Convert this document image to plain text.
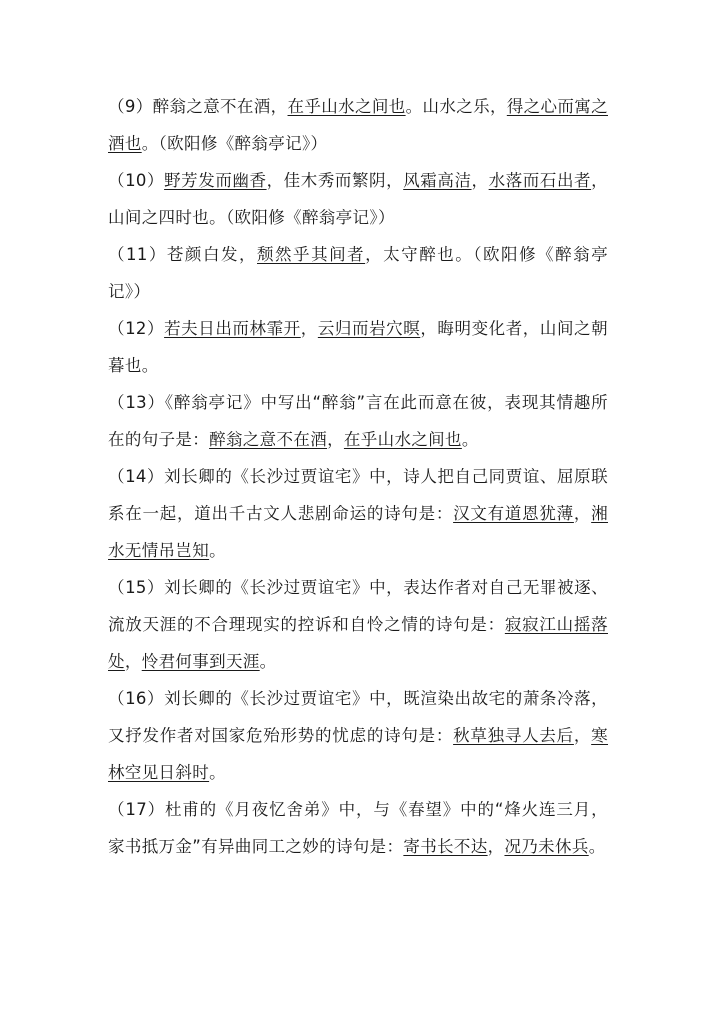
（9）醉翁之意不在酒，在乎山水之间也。山水之乐，得之心而寓之酒也。（欧阳修《醉翁亭记》）

（10）野芳发而幽香，佳木秀而繁阴，风霜高洁，水落而石出者，山间之四时也。（欧阳修《醉翁亭记》）

（11）苍颜白发，颓然乎其间者，太守醉也。（欧阳修《醉翁亭记》）

（12）若夫日出而林霏开，云归而岩穴暝，晦明变化者，山间之朝暮也。

（13）《醉翁亭记》中写出“醉翁”言在此而意在彼，表现其情趣所在的句子是：醉翁之意不在酒，在乎山水之间也。

（14）刘长卿的《长沙过贾谊宅》中，诗人把自己同贾谊、屈原联系在一起，道出千古文人悲剧命运的诗句是：汉文有道恩犹薄，湘水无情吊岂知。

（15）刘长卿的《长沙过贾谊宅》中，表达作者对自己无罪被逐、流放天涯的不合理现实的控诉和自怜之情的诗句是：寂寂江山摇落处，怜君何事到天涯。

（16）刘长卿的《长沙过贾谊宅》中，既渲染出故宅的萧条冷落，又抒发作者对国家危殆形势的忧虑的诗句是：秋草独寻人去后，寒林空见日斜时。

（17）杜甫的《月夜忆舍弟》中，与《春望》中的“烽火连三月，家书抵万金”有异曲同工之妙的诗句是：寄书长不达，况乃未休兵。
